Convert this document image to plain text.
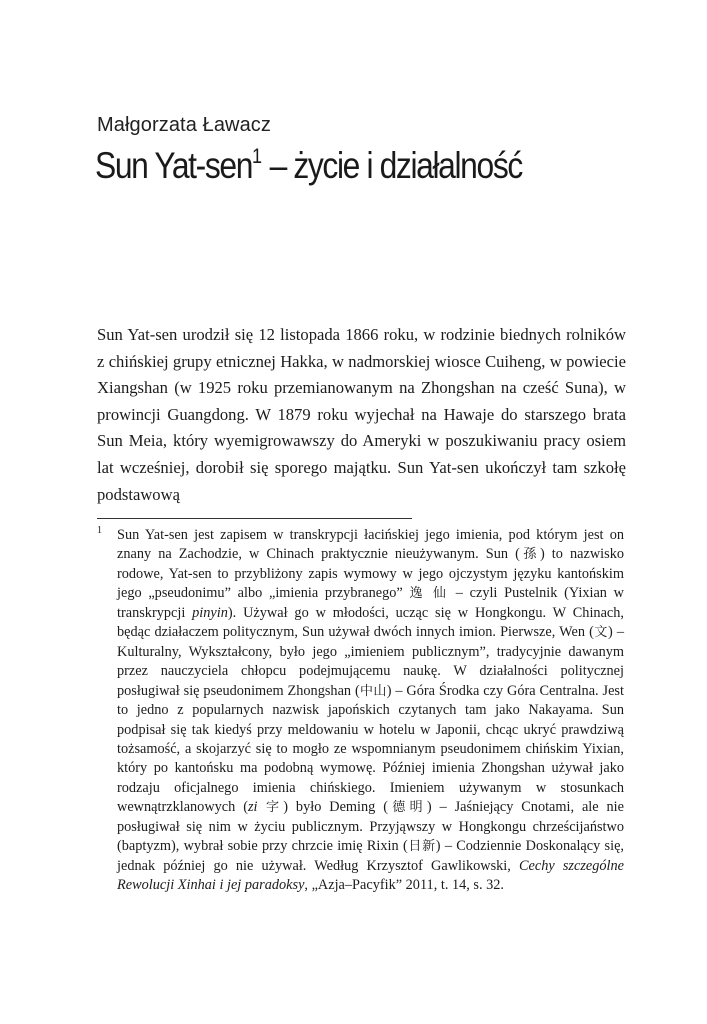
Małgorzata Ławacz
Sun Yat-sen$^1$ – życie i działalność

Sun Yat-sen urodził się 12 listopada 1866 roku, w rodzinie biednych rolników z chińskiej grupy etnicznej Hakka, w nadmorskiej wiosce Cuiheng, w powiecie Xiangshan (w 1925 roku przemianowanym na Zhongshan na cześć Suna), w prowincji Guangdong. W 1879 roku wyjechał na Hawaje do starszego brata Sun Meia, który wyemigrowawszy do Ameryki w poszukiwaniu pracy osiem lat wcześniej, dorobił się sporego majątku. Sun Yat-sen ukończył tam szkołę podstawową

1 Sun Yat-sen jest zapisem w transkrypcji łacińskiej jego imienia, pod którym jest on znany na Zachodzie, w Chinach praktycznie nieużywanym. Sun (孫) to nazwisko rodowe, Yat-sen to przybliżony zapis wymowy w jego ojczystym języku kantońskim jego „pseudonimu” albo „imienia przybranego” 逸 仙 – czyli Pustelnik (Yixian w transkrypcji pinyin). Używał go w młodości, ucząc się w Hongkongu. W Chinach, będąc działaczem politycznym, Sun używał dwóch innych imion. Pierwsze, Wen (文) – Kulturalny, Wykształcony, było jego „imieniem publicznym”, tradycyjnie dawanym przez nauczyciela chłopcu podejmującemu naukę. W działalności politycznej posługiwał się pseudonimem Zhongshan (中山) – Góra Środka czy Góra Centralna. Jest to jedno z popularnych nazwisk japońskich czytanych tam jako Nakayama. Sun podpisał się tak kiedyś przy meldowaniu w hotelu w Japonii, chcąc ukryć prawdziwą tożsamość, a skojarzyć się to mogło ze wspomnianym pseudonimem chińskim Yixian, który po kantońsku ma podobną wymowę. Później imienia Zhongshan używał jako rodzaju oficjalnego imienia chińskiego. Imieniem używanym w stosunkach wewnątrzklanowych (zi 字) było Deming (德明) – Jaśniejący Cnotami, ale nie posługiwał się nim w życiu publicznym. Przyjąwszy w Hongkongu chrześcijaństwo (baptyzm), wybrał sobie przy chrzcie imię Rixin (日新) – Codziennie Doskonalący się, jednak później go nie używał. Według Krzysztof Gawlikowski, Cechy szczególne Rewolucji Xinhai i jej paradoksy, „Azja–Pacyfik” 2011, t. 14, s. 32.
